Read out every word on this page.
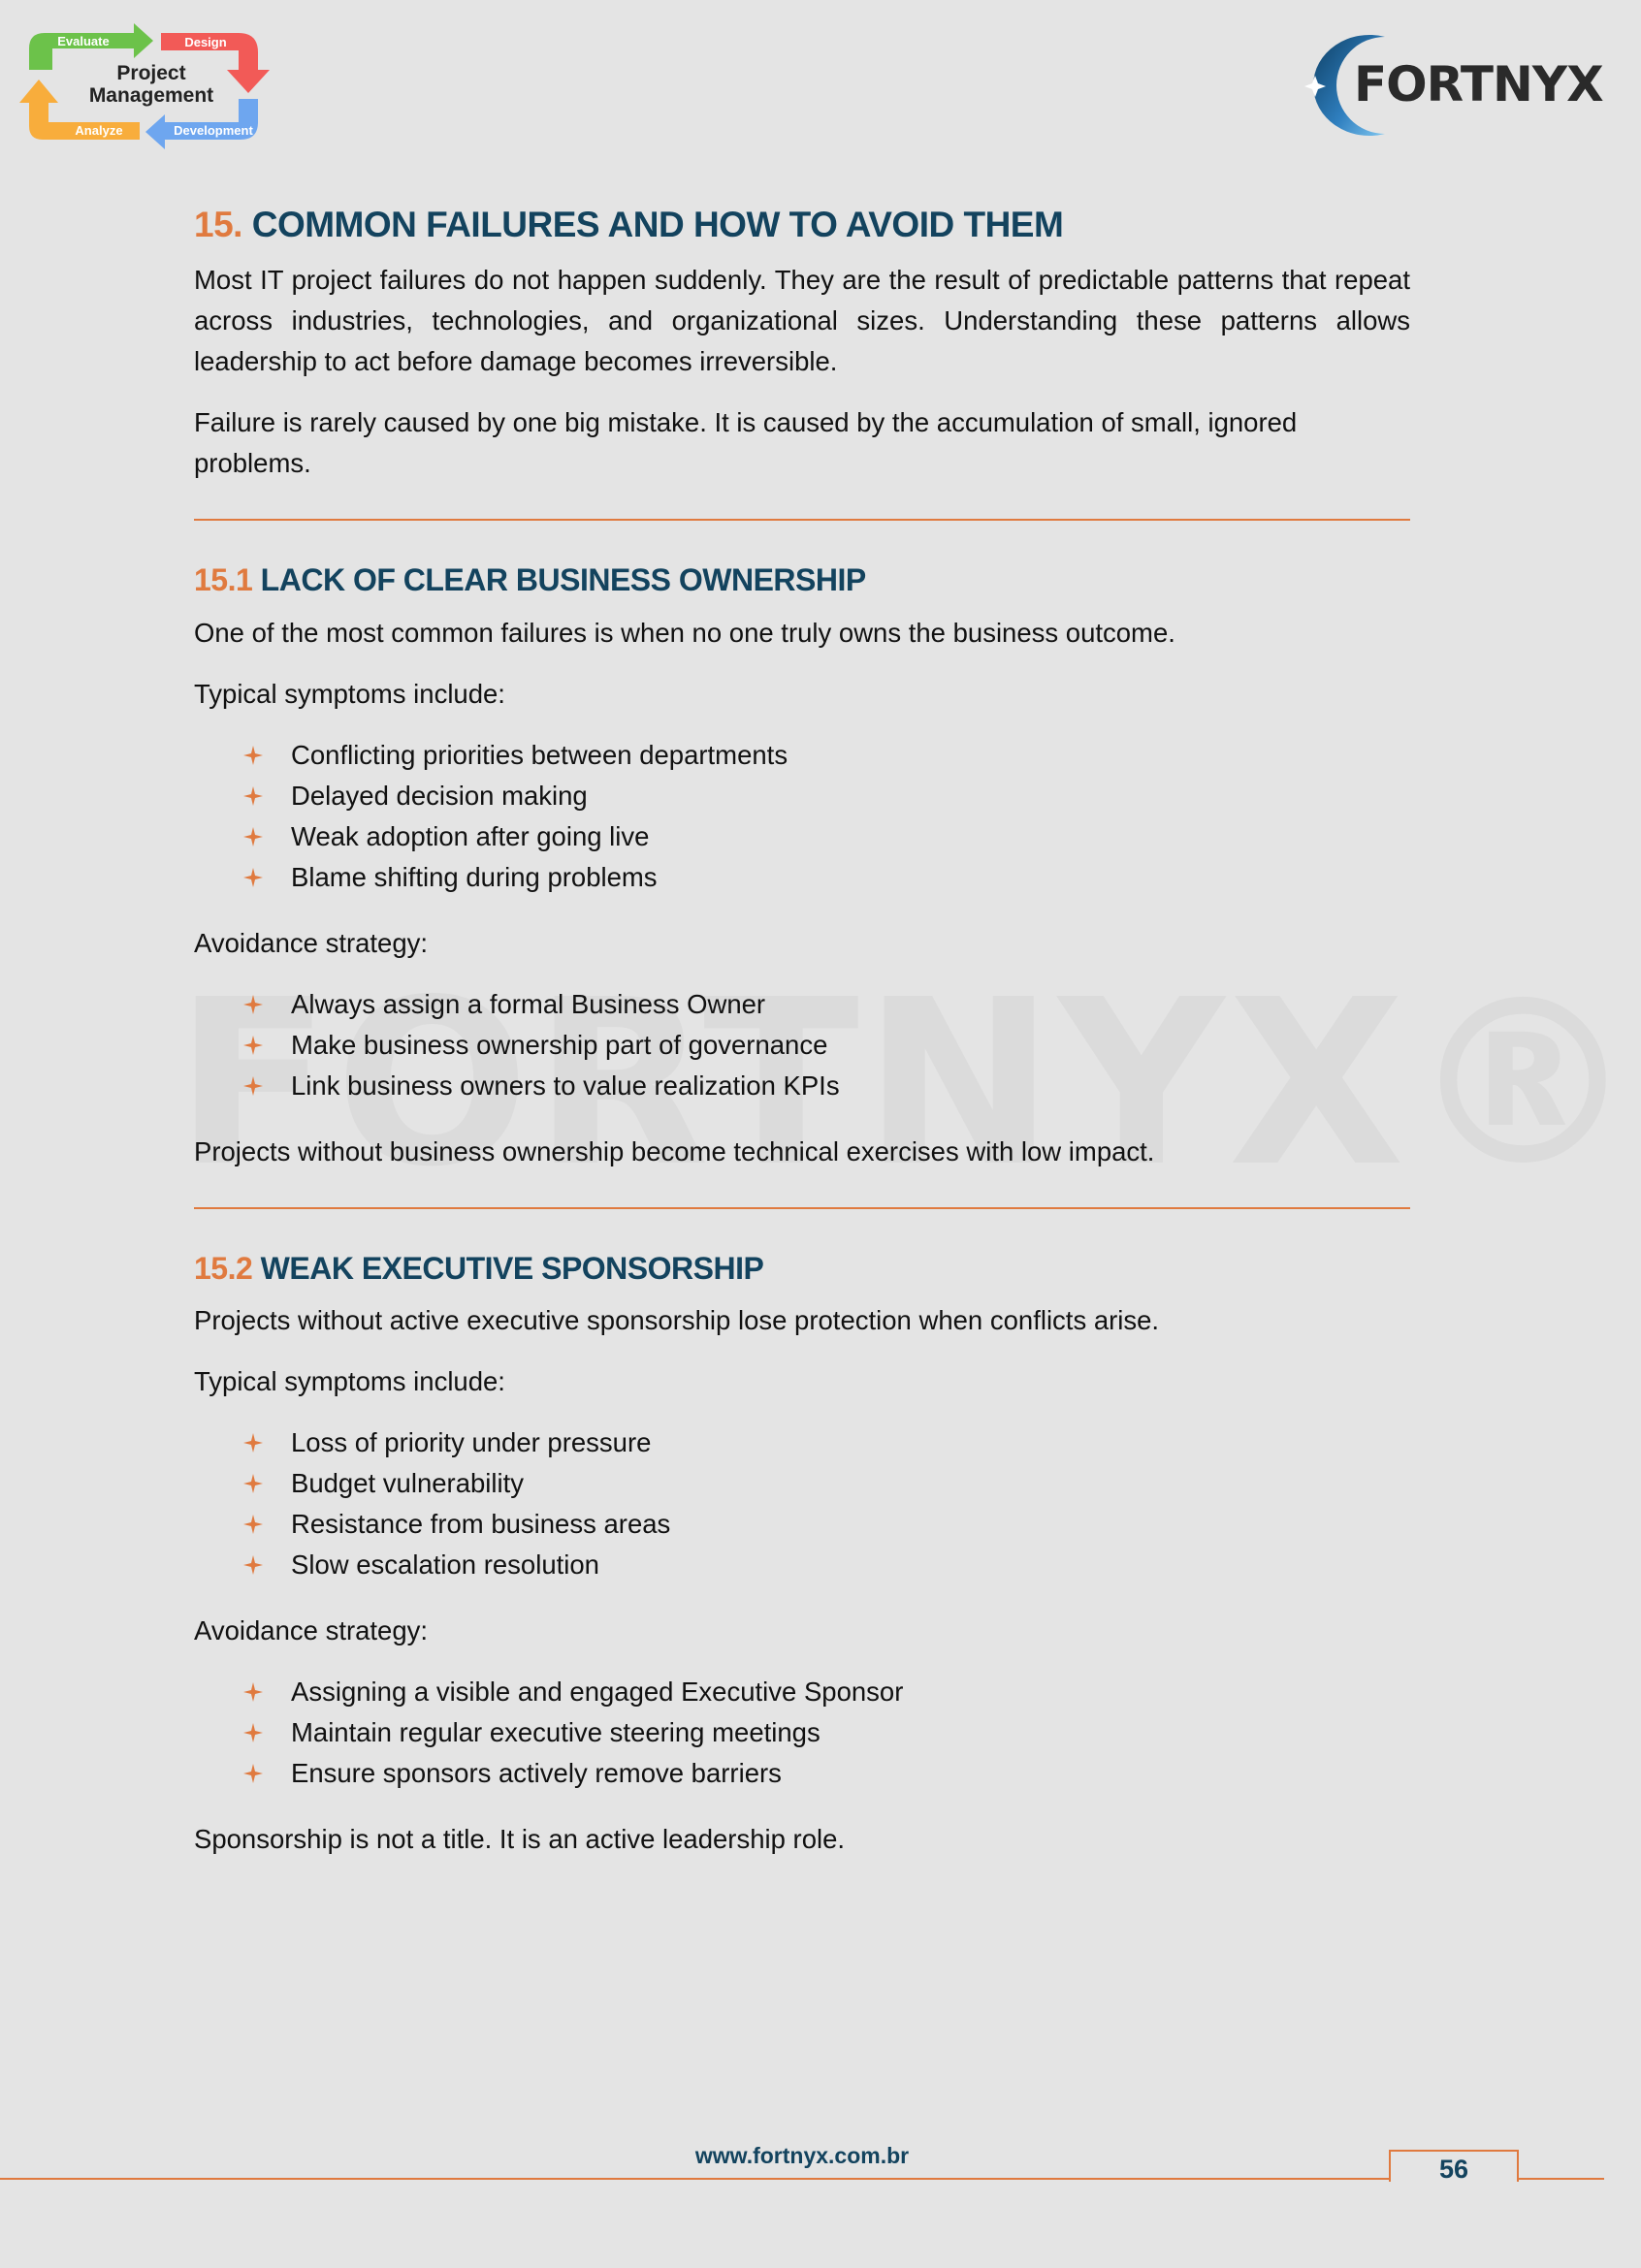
Evaluate	Design
Analyze	Development
Project
Management	FORTNYX
15. COMMON FAILURES AND HOW TO AVOID THEM

Most IT project failures do not happen suddenly. They are the result of predictable patterns that repeat across industries, technologies, and organizational sizes. Understanding these patterns allows leadership to act before damage becomes irreversible.

Failure is rarely caused by one big mistake. It is caused by the accumulation of small, ignored problems.

15.1 LACK OF CLEAR BUSINESS OWNERSHIP

One of the most common failures is when no one truly owns the business outcome.

Typical symptoms include:

Conflicting priorities between departments
Delayed decision making
Weak adoption after going live
Blame shifting during problems

Avoidance strategy:

Always assign a formal Business Owner
Make business ownership part of governance
Link business owners to value realization KPIs

Projects without business ownership become technical exercises with low impact.

15.2 WEAK EXECUTIVE SPONSORSHIP

Projects without active executive sponsorship lose protection when conflicts arise.

Typical symptoms include:

Loss of priority under pressure
Budget vulnerability
Resistance from business areas
Slow escalation resolution

Avoidance strategy:

Assigning a visible and engaged Executive Sponsor
Maintain regular executive steering meetings
Ensure sponsors actively remove barriers

Sponsorship is not a title. It is an active leadership role.

www.fortnyx.com.br	56
